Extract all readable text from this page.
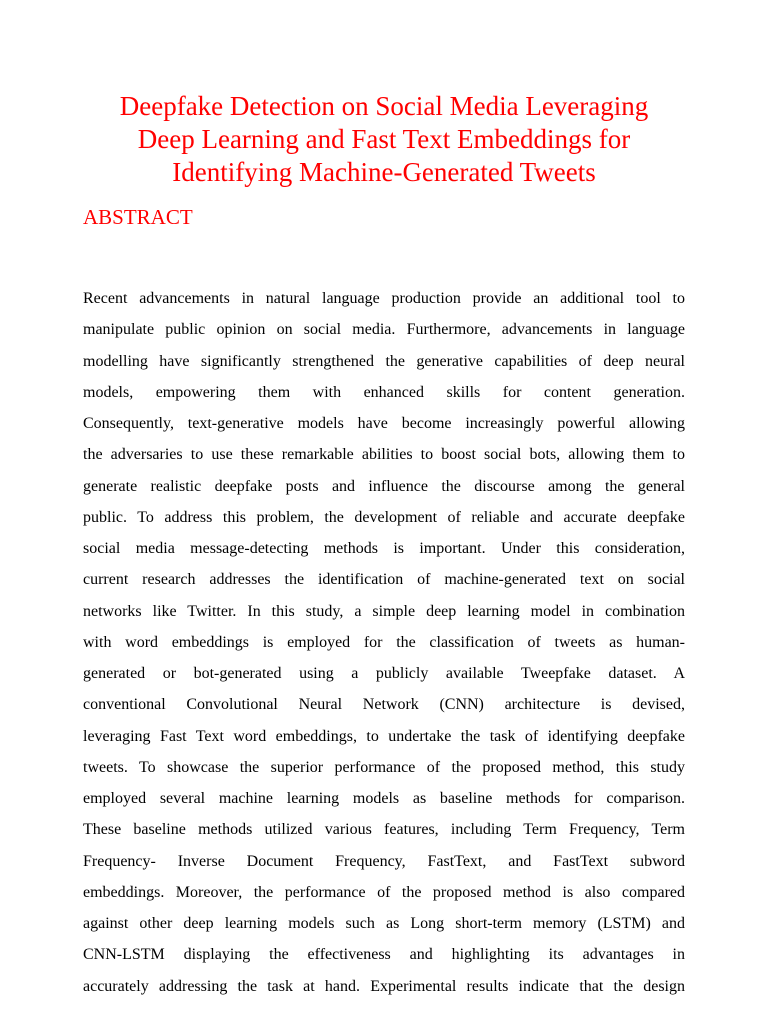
Deepfake Detection on Social Media Leveraging
Deep Learning and Fast Text Embeddings for
Identifying Machine-Generated Tweets
ABSTRACT
Recent advancements in natural language production provide an additional tool to
manipulate public opinion on social media. Furthermore, advancements in language
modelling have significantly strengthened the generative capabilities of deep neural
models, empowering them with enhanced skills for content generation.
Consequently, text-generative models have become increasingly powerful allowing
the adversaries to use these remarkable abilities to boost social bots, allowing them to
generate realistic deepfake posts and influence the discourse among the general
public. To address this problem, the development of reliable and accurate deepfake
social media message-detecting methods is important. Under this consideration,
current research addresses the identification of machine-generated text on social
networks like Twitter. In this study, a simple deep learning model in combination
with word embeddings is employed for the classification of tweets as human-
generated or bot-generated using a publicly available Tweepfake dataset. A
conventional Convolutional Neural Network (CNN) architecture is devised,
leveraging Fast Text word embeddings, to undertake the task of identifying deepfake
tweets. To showcase the superior performance of the proposed method, this study
employed several machine learning models as baseline methods for comparison.
These baseline methods utilized various features, including Term Frequency, Term
Frequency- Inverse Document Frequency, FastText, and FastText subword
embeddings. Moreover, the performance of the proposed method is also compared
against other deep learning models such as Long short-term memory (LSTM) and
CNN-LSTM displaying the effectiveness and highlighting its advantages in
accurately addressing the task at hand. Experimental results indicate that the design
